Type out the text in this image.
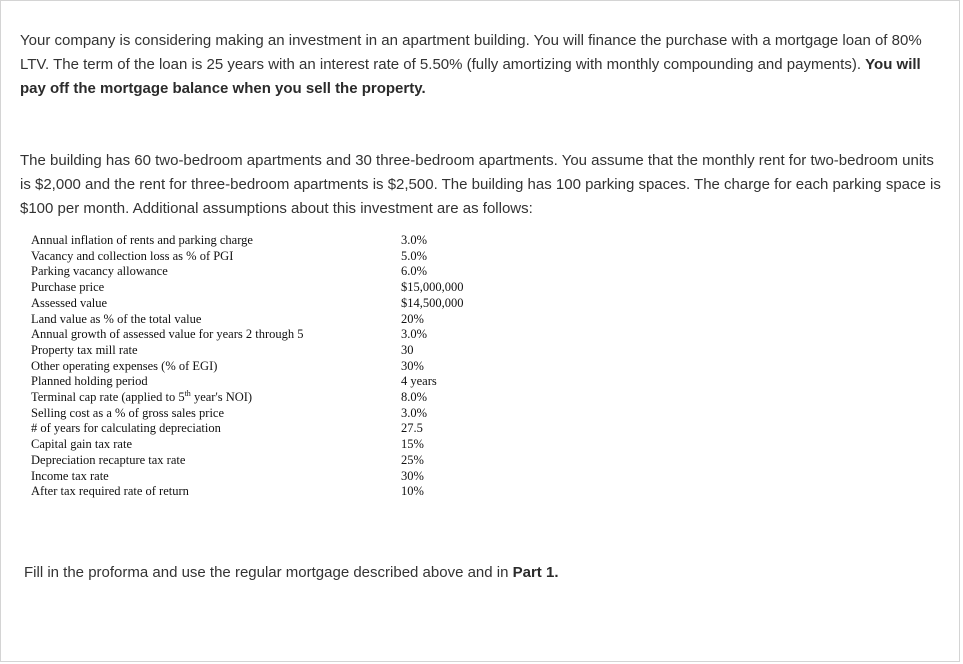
Your company is considering making an investment in an apartment building. You will finance the purchase with a mortgage loan of 80% LTV. The term of the loan is 25 years with an interest rate of 5.50% (fully amortizing with monthly compounding and payments). You will pay off the mortgage balance when you sell the property.

The building has 60 two-bedroom apartments and 30 three-bedroom apartments. You assume that the monthly rent for two-bedroom units is $2,000 and the rent for three-bedroom apartments is $2,500. The building has 100 parking spaces. The charge for each parking space is $100 per month. Additional assumptions about this investment are as follows:

Annual inflation of rents and parking charge	3.0%
Vacancy and collection loss as % of PGI	5.0%
Parking vacancy allowance	6.0%
Purchase price	$15,000,000
Assessed value	$14,500,000
Land value as % of the total value	20%
Annual growth of assessed value for years 2 through 5	3.0%
Property tax mill rate	30
Other operating expenses (% of EGI)	30%
Planned holding period	4 years
Terminal cap rate (applied to 5th year's NOI)	8.0%
Selling cost as a % of gross sales price	3.0%
# of years for calculating depreciation	27.5
Capital gain tax rate	15%
Depreciation recapture tax rate	25%
Income tax rate	30%
After tax required rate of return	10%

Fill in the proforma and use the regular mortgage described above and in Part 1.
